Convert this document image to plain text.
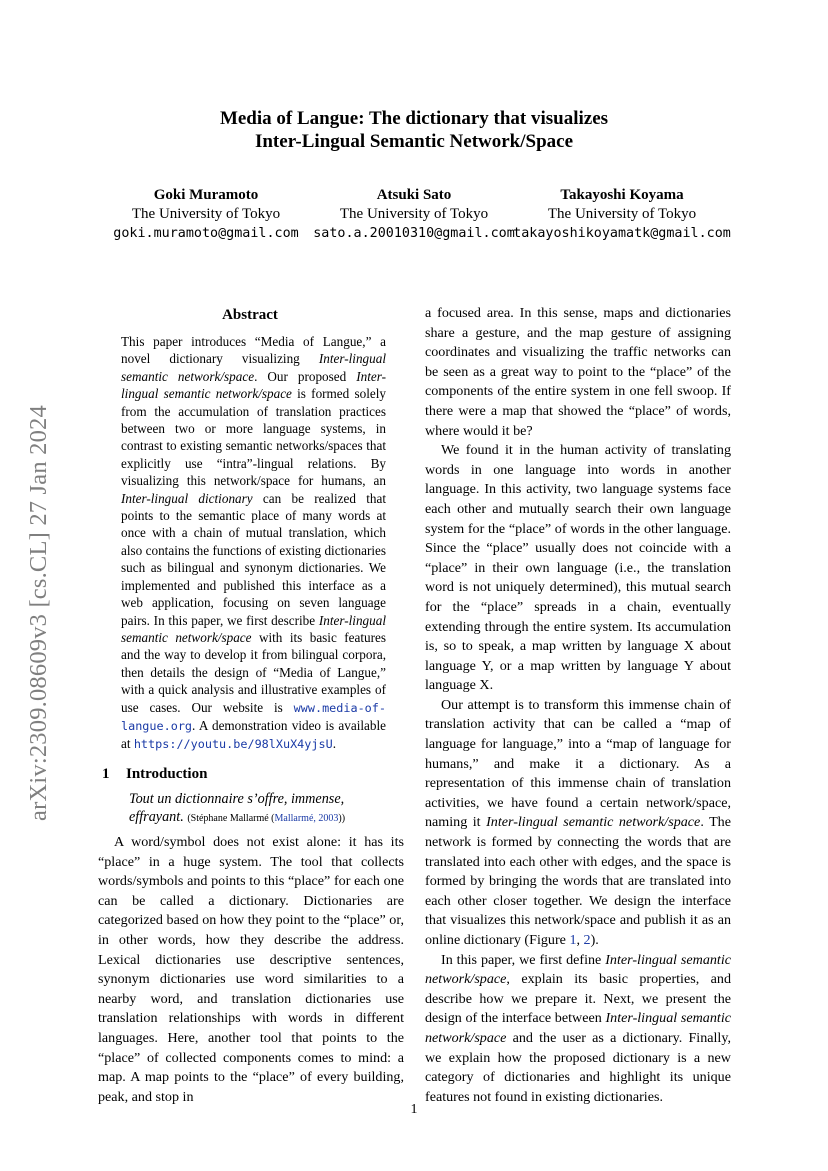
Media of Langue: The dictionary that visualizes
Inter-Lingual Semantic Network/Space
Goki Muramoto
The University of Tokyo
goki.muramoto@gmail.com
Atsuki Sato
The University of Tokyo
sato.a.20010310@gmail.com
Takayoshi Koyama
The University of Tokyo
takayoshikoyamatk@gmail.com
arXiv:2309.08609v3 [cs.CL] 27 Jan 2024
Abstract
This paper introduces “Media of Langue,” a novel dictionary visualizing Inter-lingual semantic network/space. Our proposed Inter-lingual semantic network/space is formed solely from the accumulation of translation practices between two or more language systems, in contrast to existing semantic networks/spaces that explicitly use “intra”-lingual relations. By visualizing this network/space for humans, an Inter-lingual dictionary can be realized that points to the semantic place of many words at once with a chain of mutual translation, which also contains the functions of existing dictionaries such as bilingual and synonym dictionaries. We implemented and published this interface as a web application, focusing on seven language pairs. In this paper, we first describe Inter-lingual semantic network/space with its basic features and the way to develop it from bilingual corpora, then details the design of “Media of Langue,” with a quick analysis and illustrative examples of use cases. Our website is www.media-of-langue.org. A demonstration video is available at https://youtu.be/98lXuX4yjsU.
1 Introduction
Tout un dictionnaire s’offre, immense, effrayant. (Stéphane Mallarmé (Mallarmé, 2003))

A word/symbol does not exist alone: it has its “place” in a huge system. The tool that collects words/symbols and points to this “place” for each one can be called a dictionary. Dictionaries are categorized based on how they point to the “place” or, in other words, how they describe the address. Lexical dictionaries use descriptive sentences, synonym dictionaries use word similarities to a nearby word, and translation dictionaries use translation relationships with words in different languages. Here, another tool that points to the “place” of collected components comes to mind: a map. A map points to the “place” of every building, peak, and stop in

a focused area. In this sense, maps and dictionaries share a gesture, and the map gesture of assigning coordinates and visualizing the traffic networks can be seen as a great way to point to the “place” of the components of the entire system in one fell swoop. If there were a map that showed the “place” of words, where would it be?

We found it in the human activity of translating words in one language into words in another language. In this activity, two language systems face each other and mutually search their own language system for the “place” of words in the other language. Since the “place” usually does not coincide with a “place” in their own language (i.e., the translation word is not uniquely determined), this mutual search for the “place” spreads in a chain, eventually extending through the entire system. Its accumulation is, so to speak, a map written by language X about language Y, or a map written by language Y about language X.

Our attempt is to transform this immense chain of translation activity that can be called a “map of language for language,” into a “map of language for humans,” and make it a dictionary. As a representation of this immense chain of translation activities, we have found a certain network/space, naming it Inter-lingual semantic network/space. The network is formed by connecting the words that are translated into each other with edges, and the space is formed by bringing the words that are translated into each other closer together. We design the interface that visualizes this network/space and publish it as an online dictionary (Figure 1, 2).

In this paper, we first define Inter-lingual semantic network/space, explain its basic properties, and describe how we prepare it. Next, we present the design of the interface between Inter-lingual semantic network/space and the user as a dictionary. Finally, we explain how the proposed dictionary is a new category of dictionaries and highlight its unique features not found in existing dictionaries.

1
